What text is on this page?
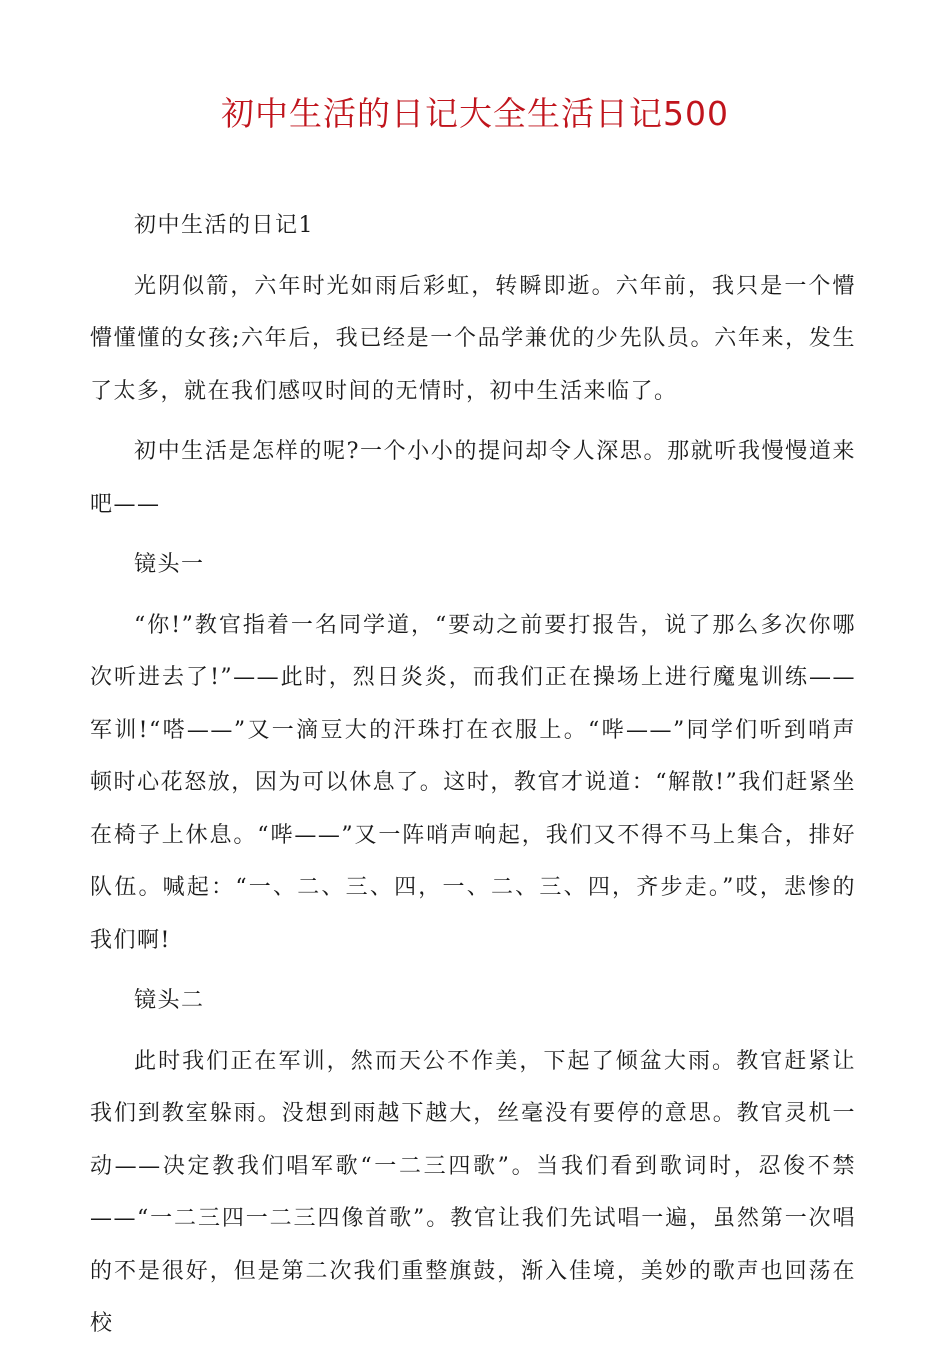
初中生活的日记大全生活日记500

初中生活的日记1

光阴似箭，六年时光如雨后彩虹，转瞬即逝。六年前，我只是一个懵懵懂懂的女孩;六年后，我已经是一个品学兼优的少先队员。六年来，发生了太多，就在我们感叹时间的无情时，初中生活来临了。

初中生活是怎样的呢?一个小小的提问却令人深思。那就听我慢慢道来吧——

镜头一

“你!”教官指着一名同学道，“要动之前要打报告，说了那么多次你哪次听进去了!”——此时，烈日炎炎，而我们正在操场上进行魔鬼训练——军训!“嗒——”又一滴豆大的汗珠打在衣服上。“哔——”同学们听到哨声顿时心花怒放，因为可以休息了。这时，教官才说道：“解散!”我们赶紧坐在椅子上休息。“哔——”又一阵哨声响起，我们又不得不马上集合，排好队伍。喊起：“一、二、三、四，一、二、三、四，齐步走。”哎，悲惨的我们啊!

镜头二

此时我们正在军训，然而天公不作美，下起了倾盆大雨。教官赶紧让我们到教室躲雨。没想到雨越下越大，丝毫没有要停的意思。教官灵机一动——决定教我们唱军歌“一二三四歌”。当我们看到歌词时，忍俊不禁——“一二三四一二三四像首歌”。教官让我们先试唱一遍，虽然第一次唱的不是很好，但是第二次我们重整旗鼓，渐入佳境，美妙的歌声也回荡在校
